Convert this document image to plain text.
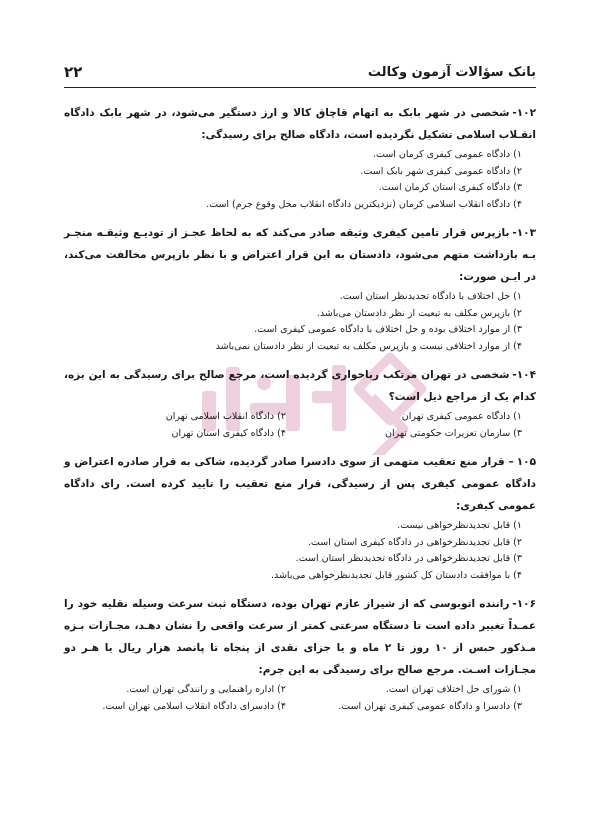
بانک سؤالات آزمون وکالت
۲۲
۱۰۲-شخصی در شهر بابک به اتهام قاچاق کالا و ارز دستگیر می‌شود، در شهر بابک دادگاه انقـلاب اسلامی تشکیل نگردیده است، دادگاه صالح برای رسیدگی:
۱) دادگاه عمومی کیفری کرمان است.
۲) دادگاه عمومی کیفری شهر بابک است.
۳) دادگاه کیفری استان کرمان است.
۴) دادگاه انقلاب اسلامی کرمان (نزدیکترین دادگاه انقلاب محل وقوع جرم) است.
۱۰۳-بازپرس قرار تامین کیفری وثیقه صادر می‌کند که به لحاظ عجـز از تودیـع وثیقـه منجـر بـه بازداشت متهم می‌شود، دادستان به این قرار اعتراض و با نظر بازپرس مخالفت می‌کند، در ایـن صورت:
۱) حل اختلاف با دادگاه تجدیدنظر استان است.
۲) بازپرس مکلف به تبعیت از نظر دادستان می‌باشد.
۳) از موارد اختلاف بوده و حل اختلاف با دادگاه عمومی کیفری است.
۴) از موارد اختلافی نیست و بازپرس مکلف به تبعیت از نظر دادستان نمی‌باشد
۱۰۴-شخصی در تهران مرتکب رباخواری گردیده است، مرجع صالح برای رسیدگی به این بزه، کدام یک از مراجع ذیل است؟
۱) دادگاه عمومی کیفری تهران
۲) دادگاه انقلاب اسلامی تهران
۳) سازمان تعزیرات حکومتی تهران
۴) دادگاه کیفری استان تهران
۱۰۵– قرار منع تعقیب متهمی از سوی دادسرا صادر گردیده، شاکی به قرار صادره اعتراض و دادگاه عمومی کیفری پس از رسیدگی، قرار منع تعقیب را تایید کرده است. رای دادگاه عمومی کیفری:
۱) قابل تجدیدنظرخواهی نیست.
۲) قابل تجدیدنظرخواهی در دادگاه کیفری استان است.
۳) قابل تجدیدنظرخواهی در دادگاه تجدیدنظر استان است.
۴) با موافقت دادستان کل کشور قابل تجدیدنظرخواهی می‌باشد.
۱۰۶-راننده اتوبوسی که از شیراز عازم تهران بوده، دستگاه ثبت سرعت وسیله نقلیه خود را عمـداً تغییر داده است تا دستگاه سرعتی کمتر از سرعت واقعی را نشان دهـد، مجـازات بـزه مـذکور حبس از ۱۰ روز تا ۲ ماه و یا جزای نقدی از پنجاه تا پانصد هزار ریال یا هـر دو مجـازات اسـت. مرجع صالح برای رسیدگی به این جرم:
۱) شورای حل اختلاف تهران است.
۲) اداره راهنمایی و رانندگی تهران است.
۳) دادسرا و دادگاه عمومی کیفری تهران است.
۴) دادسرای دادگاه انقلاب اسلامی تهران است.
